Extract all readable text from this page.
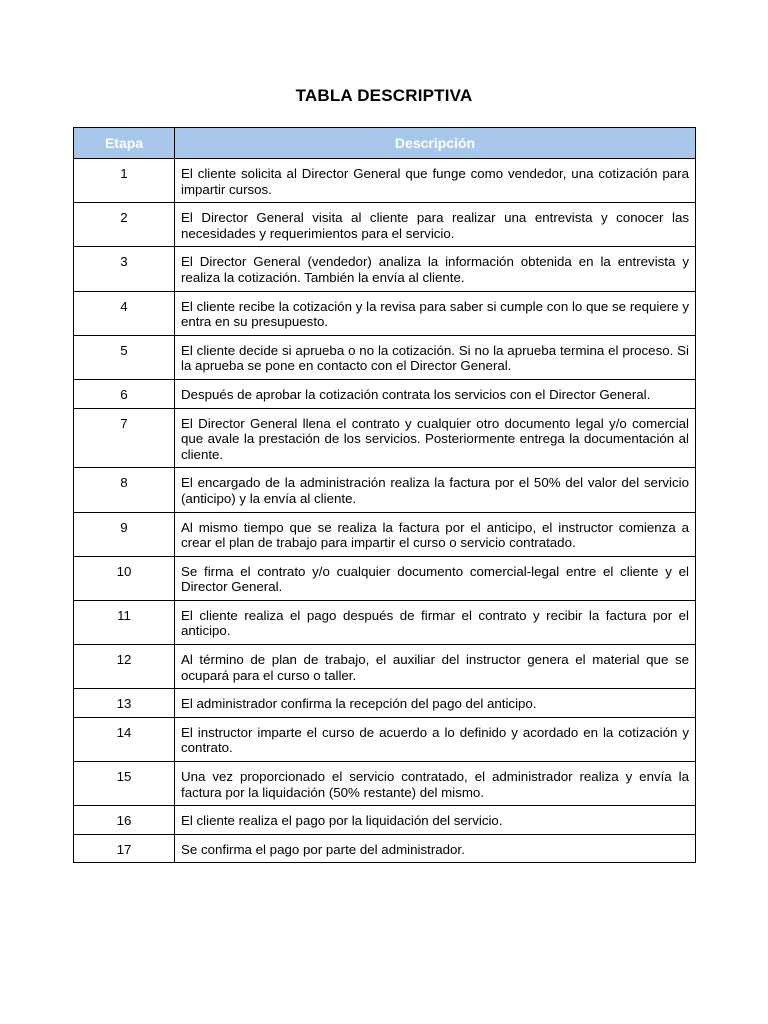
TABLA DESCRIPTIVA
Etapa	Descripción
1	El cliente solicita al Director General que funge como vendedor, una cotización para impartir cursos.
2	El Director General visita al cliente para realizar una entrevista y conocer las necesidades y requerimientos para el servicio.
3	El Director General (vendedor) analiza la información obtenida en la entrevista y realiza la cotización. También la envía al cliente.
4	El cliente recibe la cotización y la revisa para saber si cumple con lo que se requiere y entra en su presupuesto.
5	El cliente decide si aprueba o no la cotización. Si no la aprueba termina el proceso. Si la aprueba se pone en contacto con el Director General.
6	Después de aprobar la cotización contrata los servicios con el Director General.
7	El Director General llena el contrato y cualquier otro documento legal y/o comercial que avale la prestación de los servicios. Posteriormente entrega la documentación al cliente.
8	El encargado de la administración realiza la factura por el 50% del valor del servicio (anticipo) y la envía al cliente.
9	Al mismo tiempo que se realiza la factura por el anticipo, el instructor comienza a crear el plan de trabajo para impartir el curso o servicio contratado.
10	Se firma el contrato y/o cualquier documento comercial-legal entre el cliente y el Director General.
11	El cliente realiza el pago después de firmar el contrato y recibir la factura por el anticipo.
12	Al término de plan de trabajo, el auxiliar del instructor genera el material que se ocupará para el curso o taller.
13	El administrador confirma la recepción del pago del anticipo.
14	El instructor imparte el curso de acuerdo a lo definido y acordado en la cotización y contrato.
15	Una vez proporcionado el servicio contratado, el administrador realiza y envía la factura por la liquidación (50% restante) del mismo.
16	El cliente realiza el pago por la liquidación del servicio.
17	Se confirma el pago por parte del administrador.
